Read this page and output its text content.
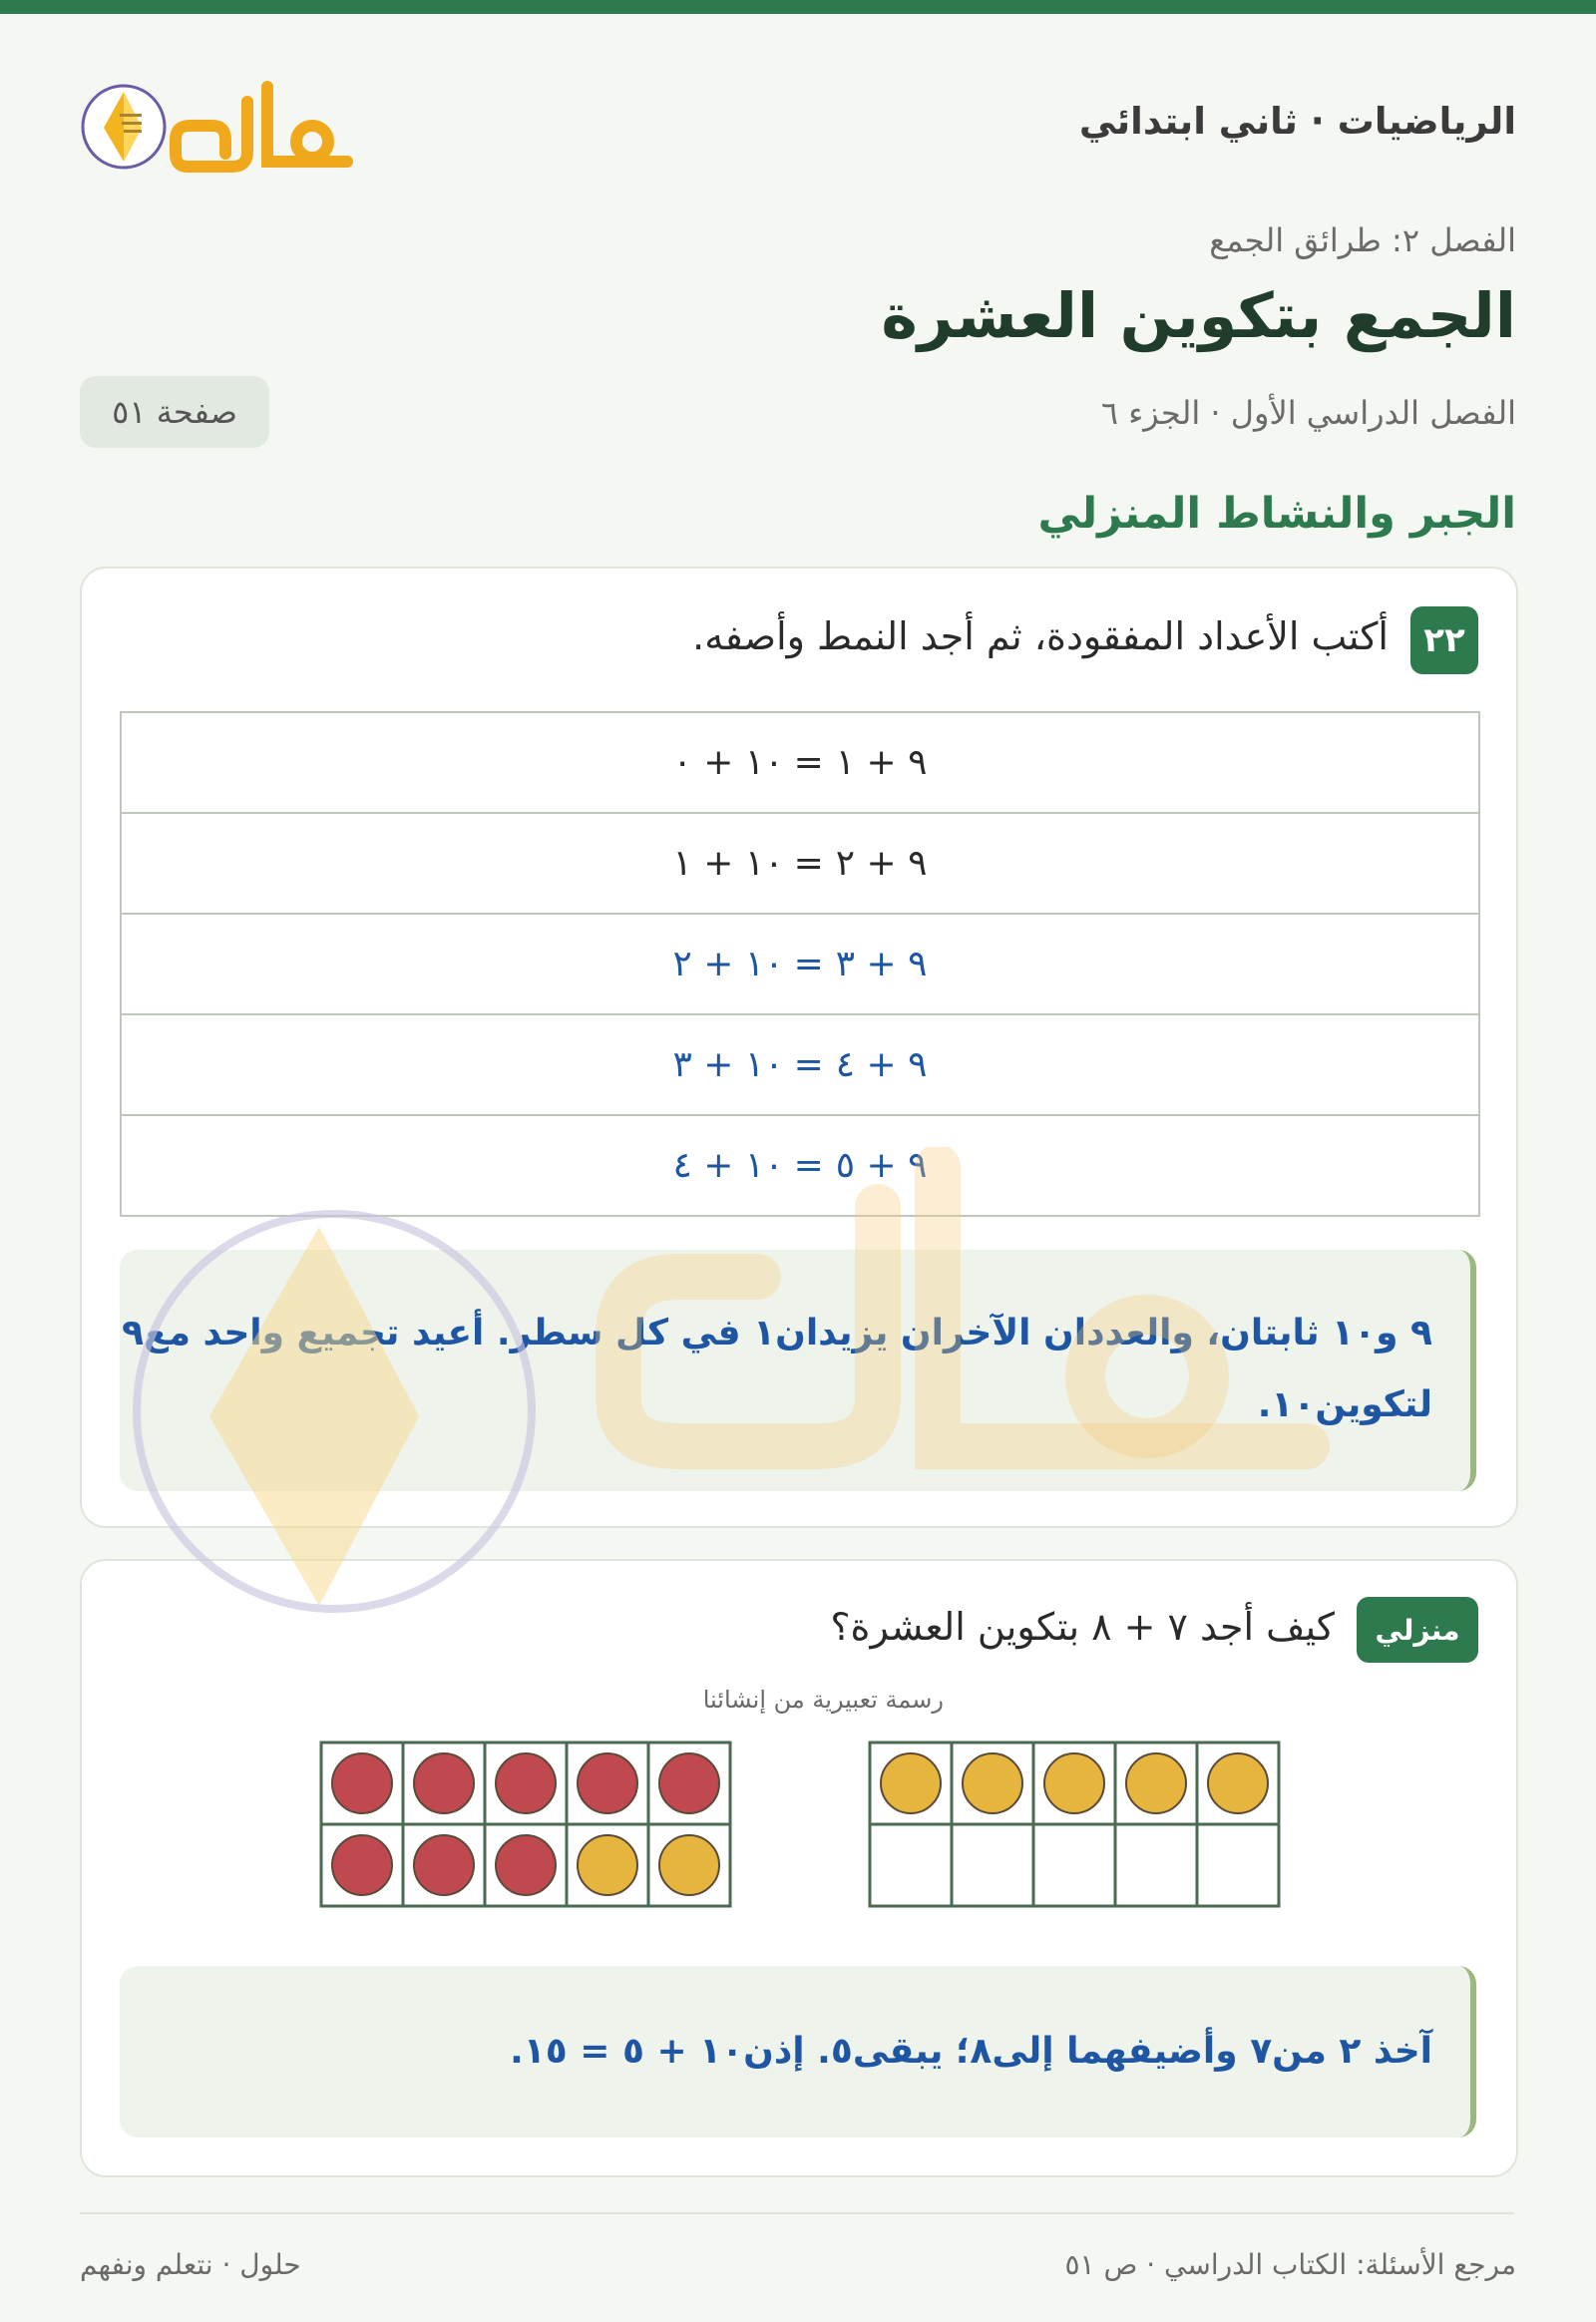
الرياضيات · ثاني ابتدائي
الفصل ٢: طرائق الجمع
الجمع بتكوين العشرة
الفصل الدراسي الأول · الجزء ٦
صفحة ٥١
الجبر والنشاط المنزلي
٢٢
أكتب الأعداد المفقودة، ثم أجد النمط وأصفه.
١٠ + ٠ = ٩ + ١
١٠ + ١ = ٩ + ٢
١٠ + ٢ = ٩ + ٣
١٠ + ٣ = ٩ + ٤
١٠ + ٤ = ٩ + ٥
٩ و١٠ ثابتان، والعددان الآخران يزيدان١ في كل سطر. أعيد تجميع واحد مع٩
لتكوين١٠.
منزلي
كيف أجد ٧ + ٨ بتكوين العشرة؟
رسمة تعبيرية من إنشائنا
آخذ ٢ من٧ وأضيفهما إلى٨؛ يبقى٥. إذن١٠ + ٥ = ١٥.
مرجع الأسئلة: الكتاب الدراسي · ص ٥١
حلول · نتعلم ونفهم
